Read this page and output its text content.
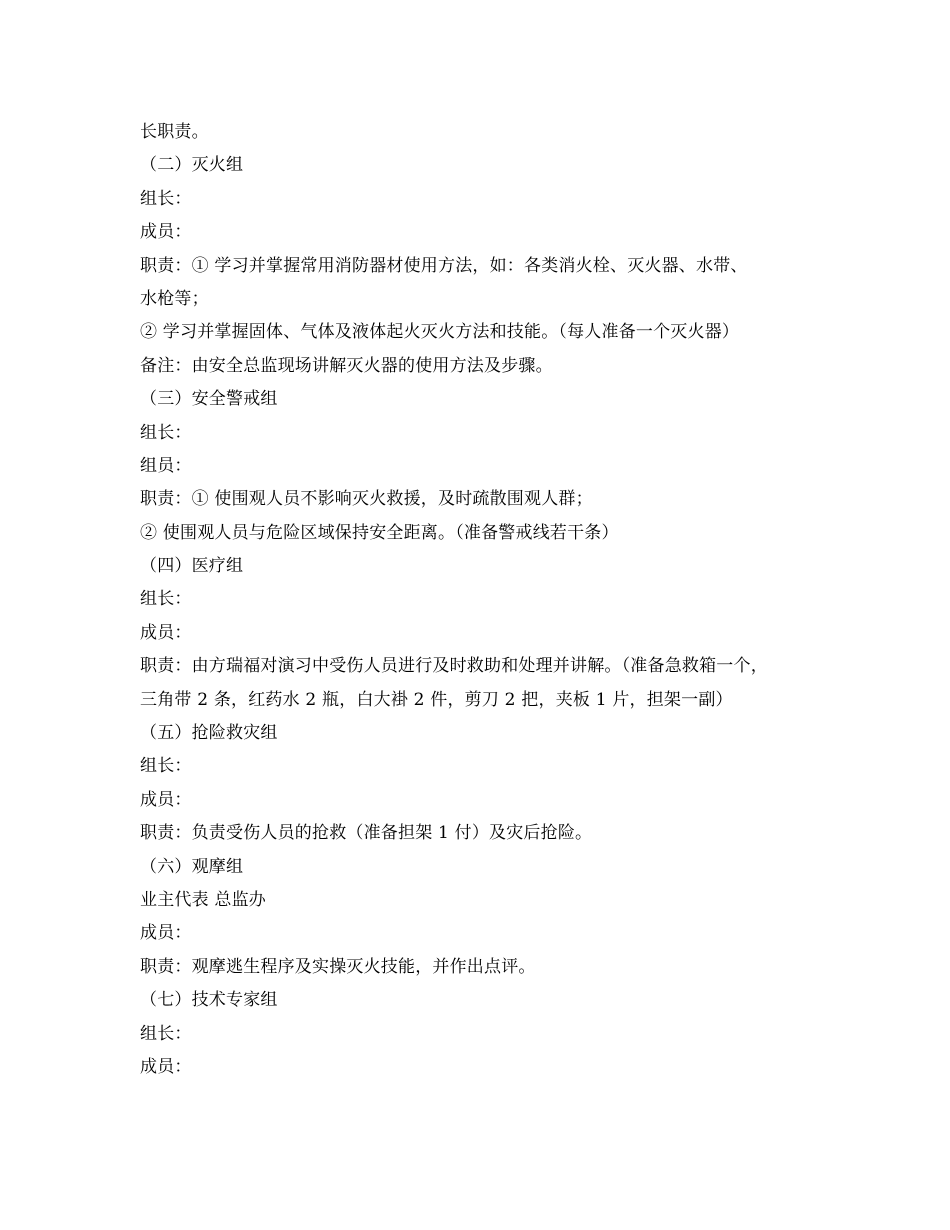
长职责。
（二）灭火组
组长：
成员：
职责：① 学习并掌握常用消防器材使用方法，如：各类消火栓、灭火器、水带、
水枪等；
② 学习并掌握固体、气体及液体起火灭火方法和技能。（每人准备一个灭火器）
备注：由安全总监现场讲解灭火器的使用方法及步骤。
（三）安全警戒组
组长：
组员：
职责：① 使围观人员不影响灭火救援，及时疏散围观人群；
② 使围观人员与危险区域保持安全距离。（准备警戒线若干条）
（四）医疗组
组长：
成员：
职责：由方瑞福对演习中受伤人员进行及时救助和处理并讲解。（准备急救箱一个，
三角带 2 条，红药水 2 瓶，白大褂 2 件，剪刀 2 把，夹板 1 片，担架一副）
（五）抢险救灾组
组长：
成员：
职责：负责受伤人员的抢救（准备担架 1 付）及灾后抢险。
（六）观摩组
业主代表 总监办
成员：
职责：观摩逃生程序及实操灭火技能，并作出点评。
（七）技术专家组
组长：
成员：
